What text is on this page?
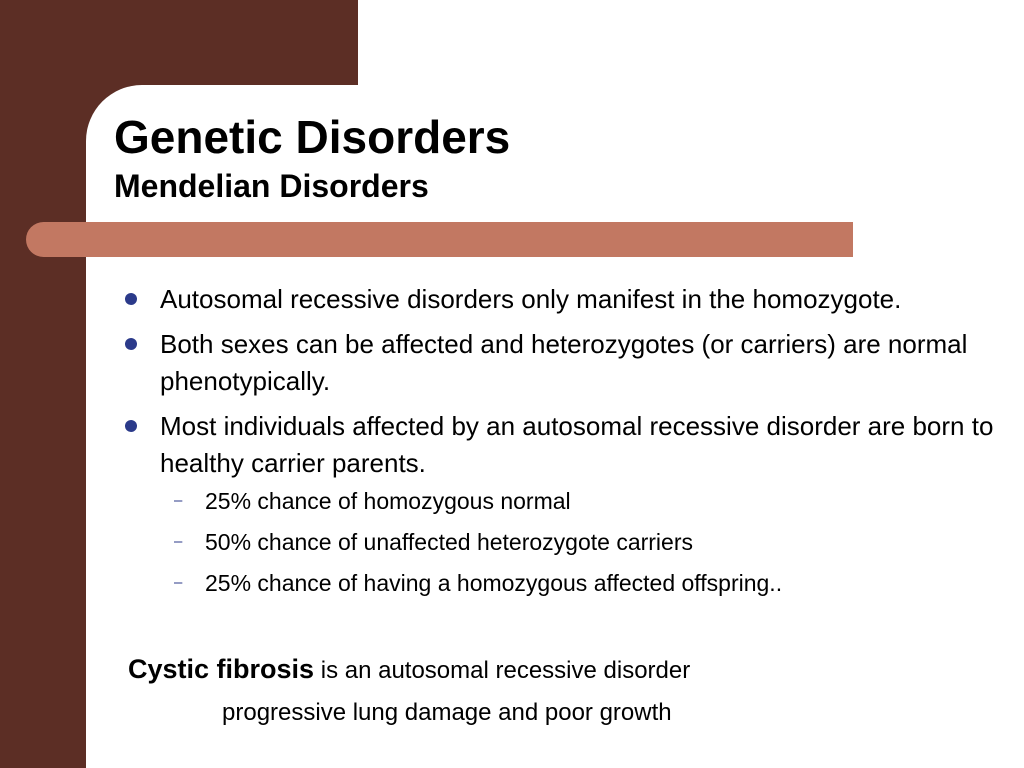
Genetic Disorders
Mendelian Disorders
Autosomal recessive disorders only manifest in the homozygote.
Both sexes can be affected and heterozygotes (or carriers) are normal phenotypically.
Most individuals affected by an autosomal recessive disorder are born to healthy carrier parents.
– 25% chance of homozygous normal
– 50% chance of unaffected heterozygote carriers
– 25% chance of having a homozygous affected offspring..

Cystic fibrosis is an autosomal recessive disorder

progressive lung damage and poor growth
